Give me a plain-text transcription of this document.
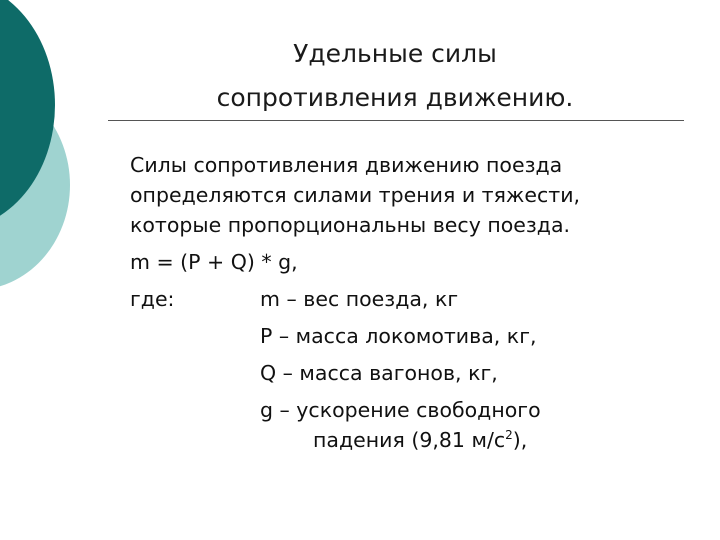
Удельные силы
сопротивления движению.
Силы сопротивления движению поезда
определяются силами трения и тяжести,
которые пропорциональны весу поезда.
m = (P + Q) * g,
где:	m – вес поезда, кг
P – масса локомотива, кг,
Q – масса вагонов, кг,
g – ускорение свободного
падения (9,81 $м/с^2$),
